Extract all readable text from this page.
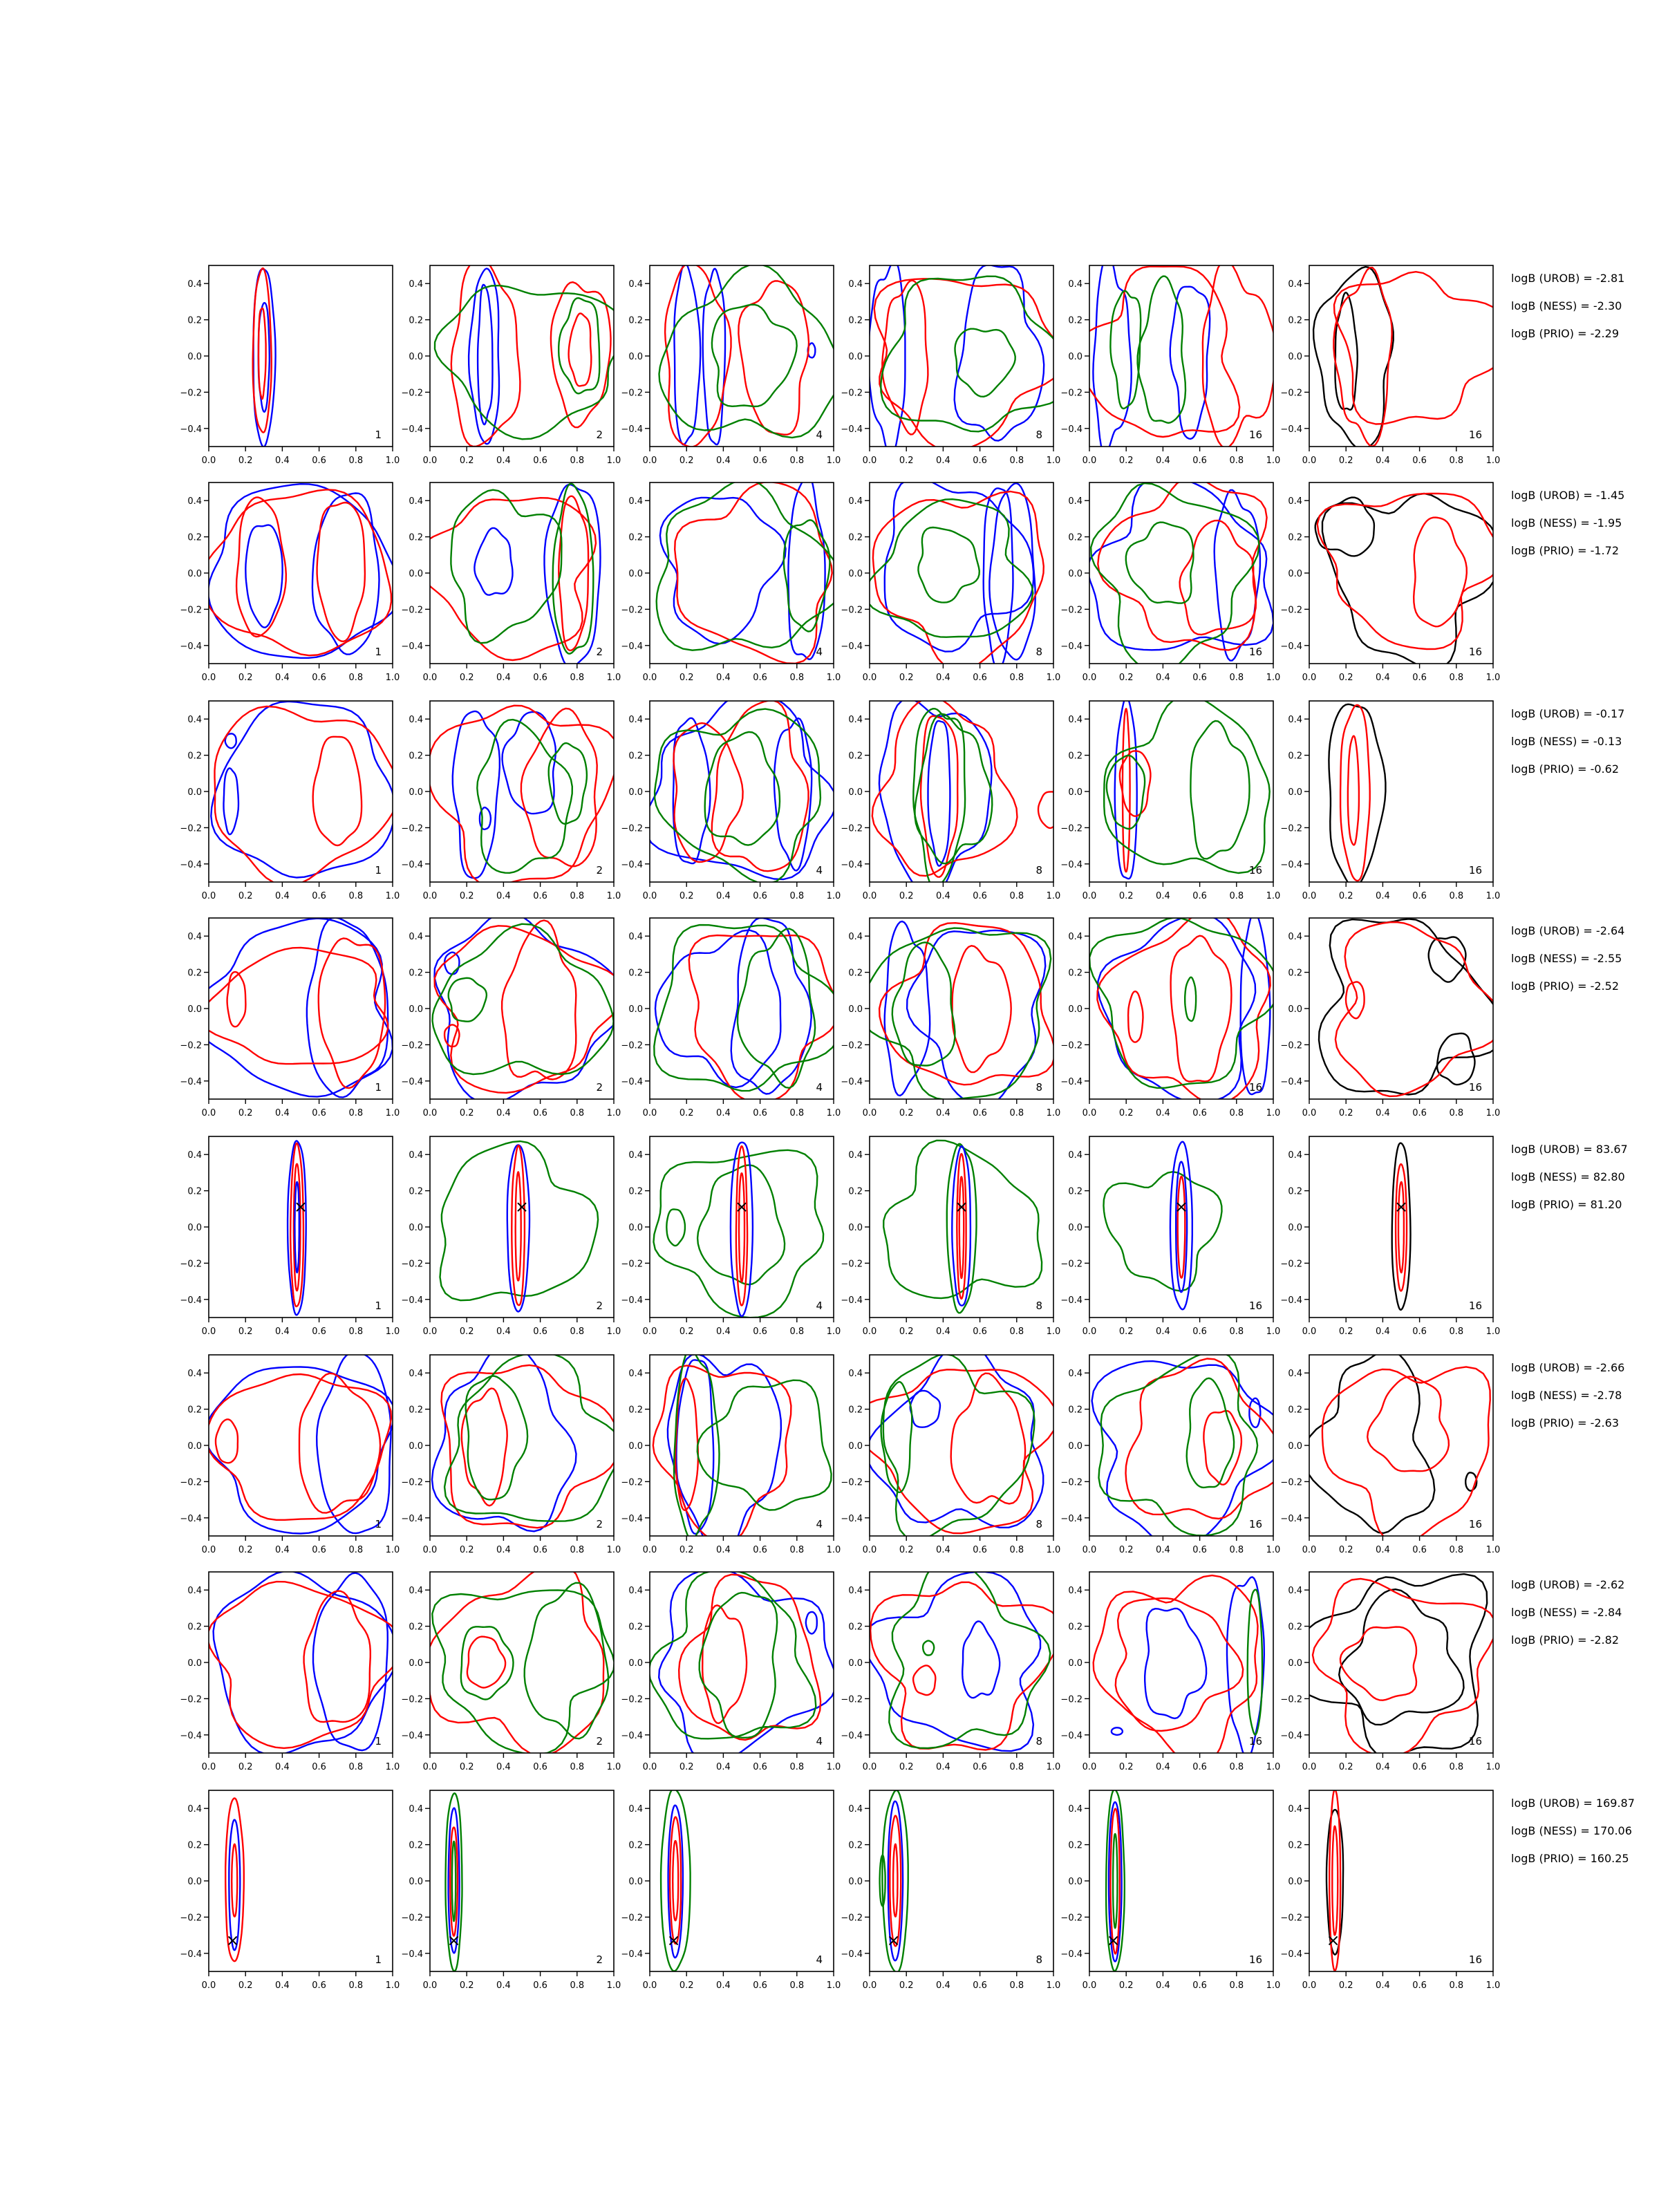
0.0	0.2	0.4	0.6	0.8	1.0
0.4
0.2
0.0
−0.2
−0.4	1
0.0	0.2	0.4	0.6	0.8	1.0
0.4
0.2
0.0
−0.2
−0.4	2
0.0	0.2	0.4	0.6	0.8	1.0
0.4
0.2
0.0
−0.2
−0.4	4
0.0	0.2	0.4	0.6	0.8	1.0
0.4
0.2
0.0
−0.2
−0.4	8
0.0	0.2	0.4	0.6	0.8	1.0
0.4
0.2
0.0
−0.2
−0.4	16
0.0	0.2	0.4	0.6	0.8	1.0
0.4
0.2
0.0
−0.2
−0.4	16
0.0	0.2	0.4	0.6	0.8	1.0
0.4
0.2
0.0
−0.2
−0.4	1
0.0	0.2	0.4	0.6	0.8	1.0
0.4
0.2
0.0
−0.2
−0.4	2
0.0	0.2	0.4	0.6	0.8	1.0
0.4
0.2
0.0
−0.2
−0.4	4
0.0	0.2	0.4	0.6	0.8	1.0
0.4
0.2
0.0
−0.2
−0.4	8
0.0	0.2	0.4	0.6	0.8	1.0
0.4
0.2
0.0
−0.2
−0.4	16
0.0	0.2	0.4	0.6	0.8	1.0
0.4
0.2
0.0
−0.2
−0.4	16
0.0	0.2	0.4	0.6	0.8	1.0
0.4
0.2
0.0
−0.2
−0.4	1
0.0	0.2	0.4	0.6	0.8	1.0
0.4
0.2
0.0
−0.2
−0.4	2
0.0	0.2	0.4	0.6	0.8	1.0
0.4
0.2
0.0
−0.2
−0.4	4
0.0	0.2	0.4	0.6	0.8	1.0
0.4
0.2
0.0
−0.2
−0.4	8
0.0	0.2	0.4	0.6	0.8	1.0
0.4
0.2
0.0
−0.2
−0.4	16
0.0	0.2	0.4	0.6	0.8	1.0
0.4
0.2
0.0
−0.2
−0.4	16
0.0	0.2	0.4	0.6	0.8	1.0
0.4
0.2
0.0
−0.2
−0.4	1
0.0	0.2	0.4	0.6	0.8	1.0
0.4
0.2
0.0
−0.2
−0.4	2
0.0	0.2	0.4	0.6	0.8	1.0
0.4
0.2
0.0
−0.2
−0.4	4
0.0	0.2	0.4	0.6	0.8	1.0
0.4
0.2
0.0
−0.2
−0.4	8
0.0	0.2	0.4	0.6	0.8	1.0
0.4
0.2
0.0
−0.2
−0.4	16
0.0	0.2	0.4	0.6	0.8	1.0
0.4
0.2
0.0
−0.2
−0.4	16
0.0	0.2	0.4	0.6	0.8	1.0
0.4
0.2
0.0
−0.2
−0.4	1
0.0	0.2	0.4	0.6	0.8	1.0
0.4
0.2
0.0
−0.2
−0.4	2
0.0	0.2	0.4	0.6	0.8	1.0
0.4
0.2
0.0
−0.2
−0.4	4
0.0	0.2	0.4	0.6	0.8	1.0
0.4
0.2
0.0
−0.2
−0.4	8
0.0	0.2	0.4	0.6	0.8	1.0
0.4
0.2
0.0
−0.2
−0.4	16
0.0	0.2	0.4	0.6	0.8	1.0
0.4
0.2
0.0
−0.2
−0.4	16
0.0	0.2	0.4	0.6	0.8	1.0
0.4
0.2
0.0
−0.2
−0.4	1
0.0	0.2	0.4	0.6	0.8	1.0
0.4
0.2
0.0
−0.2
−0.4	2
0.0	0.2	0.4	0.6	0.8	1.0
0.4
0.2
0.0
−0.2
−0.4	4
0.0	0.2	0.4	0.6	0.8	1.0
0.4
0.2
0.0
−0.2
−0.4	8
0.0	0.2	0.4	0.6	0.8	1.0
0.4
0.2
0.0
−0.2
−0.4	16
0.0	0.2	0.4	0.6	0.8	1.0
0.4
0.2
0.0
−0.2
−0.4	16
0.0	0.2	0.4	0.6	0.8	1.0
0.4
0.2
0.0
−0.2
−0.4	1
0.0	0.2	0.4	0.6	0.8	1.0
0.4
0.2
0.0
−0.2
−0.4	2
0.0	0.2	0.4	0.6	0.8	1.0
0.4
0.2
0.0
−0.2
−0.4	4
0.0	0.2	0.4	0.6	0.8	1.0
0.4
0.2
0.0
−0.2
−0.4	8
0.0	0.2	0.4	0.6	0.8	1.0
0.4
0.2
0.0
−0.2
−0.4	16
0.0	0.2	0.4	0.6	0.8	1.0
0.4
0.2
0.0
−0.2
−0.4	16
0.0	0.2	0.4	0.6	0.8	1.0
0.4
0.2
0.0
−0.2
−0.4	1
0.0	0.2	0.4	0.6	0.8	1.0
0.4
0.2
0.0
−0.2
−0.4	2
0.0	0.2	0.4	0.6	0.8	1.0
0.4
0.2
0.0
−0.2
−0.4	4
0.0	0.2	0.4	0.6	0.8	1.0
0.4
0.2
0.0
−0.2
−0.4	8
0.0	0.2	0.4	0.6	0.8	1.0
0.4
0.2
0.0
−0.2
−0.4	16
0.0	0.2	0.4	0.6	0.8	1.0
0.4
0.2
0.0
−0.2
−0.4	16
logB (UROB) = -2.81
logB (NESS) = -2.30
logB (PRIO) = -2.29
logB (UROB) = -1.45
logB (NESS) = -1.95
logB (PRIO) = -1.72
logB (UROB) = -0.17
logB (NESS) = -0.13
logB (PRIO) = -0.62
logB (UROB) = -2.64
logB (NESS) = -2.55
logB (PRIO) = -2.52
logB (UROB) = 83.67
logB (NESS) = 82.80
logB (PRIO) = 81.20
logB (UROB) = -2.66
logB (NESS) = -2.78
logB (PRIO) = -2.63
logB (UROB) = -2.62
logB (NESS) = -2.84
logB (PRIO) = -2.82
logB (UROB) = 169.87
logB (NESS) = 170.06
logB (PRIO) = 160.25
